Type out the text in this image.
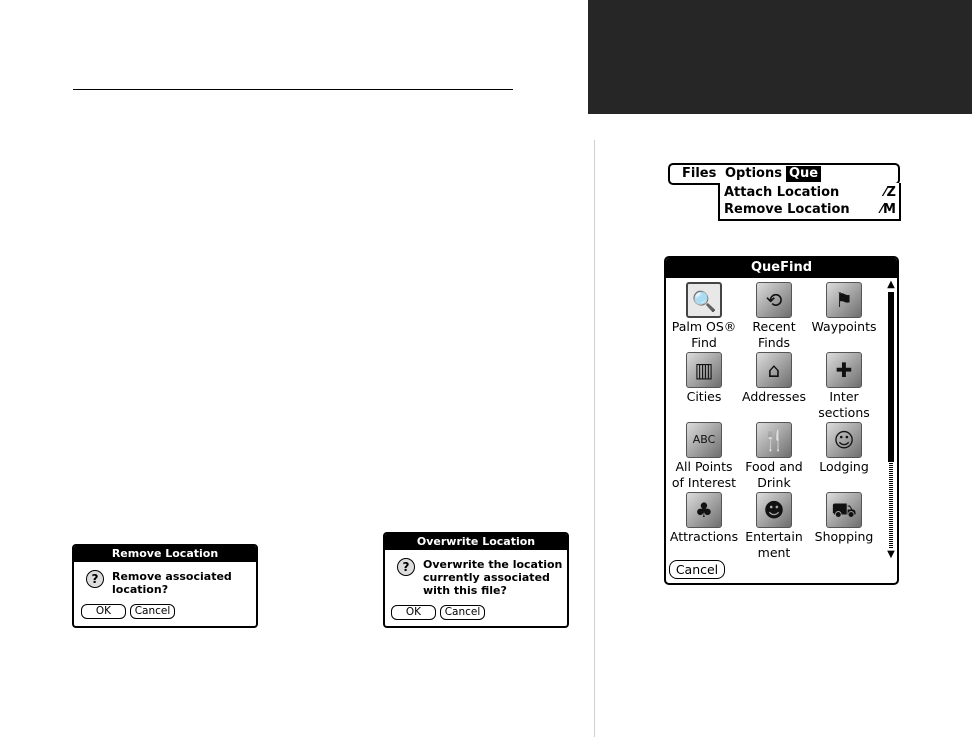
Files Options Que
Attach Location	⁄Z
Remove Location ⁄M
QueFind
🔍
Palm OS®
Find
⟲
Recent
Finds
⚑
Waypoints
▥
Cities
⌂
Addresses
✚
Inter
sections
ABC
All Points
of Interest
🍴
Food and
Drink
☺
Lodging
♣
Attractions
☻
Entertain
ment
⛟
Shopping
▲
▼
Cancel
Remove Location
?	Remove associated
location?
OK	Cancel
Overwrite Location
?	Overwrite the location
currently associated
with this file?
OK	Cancel
